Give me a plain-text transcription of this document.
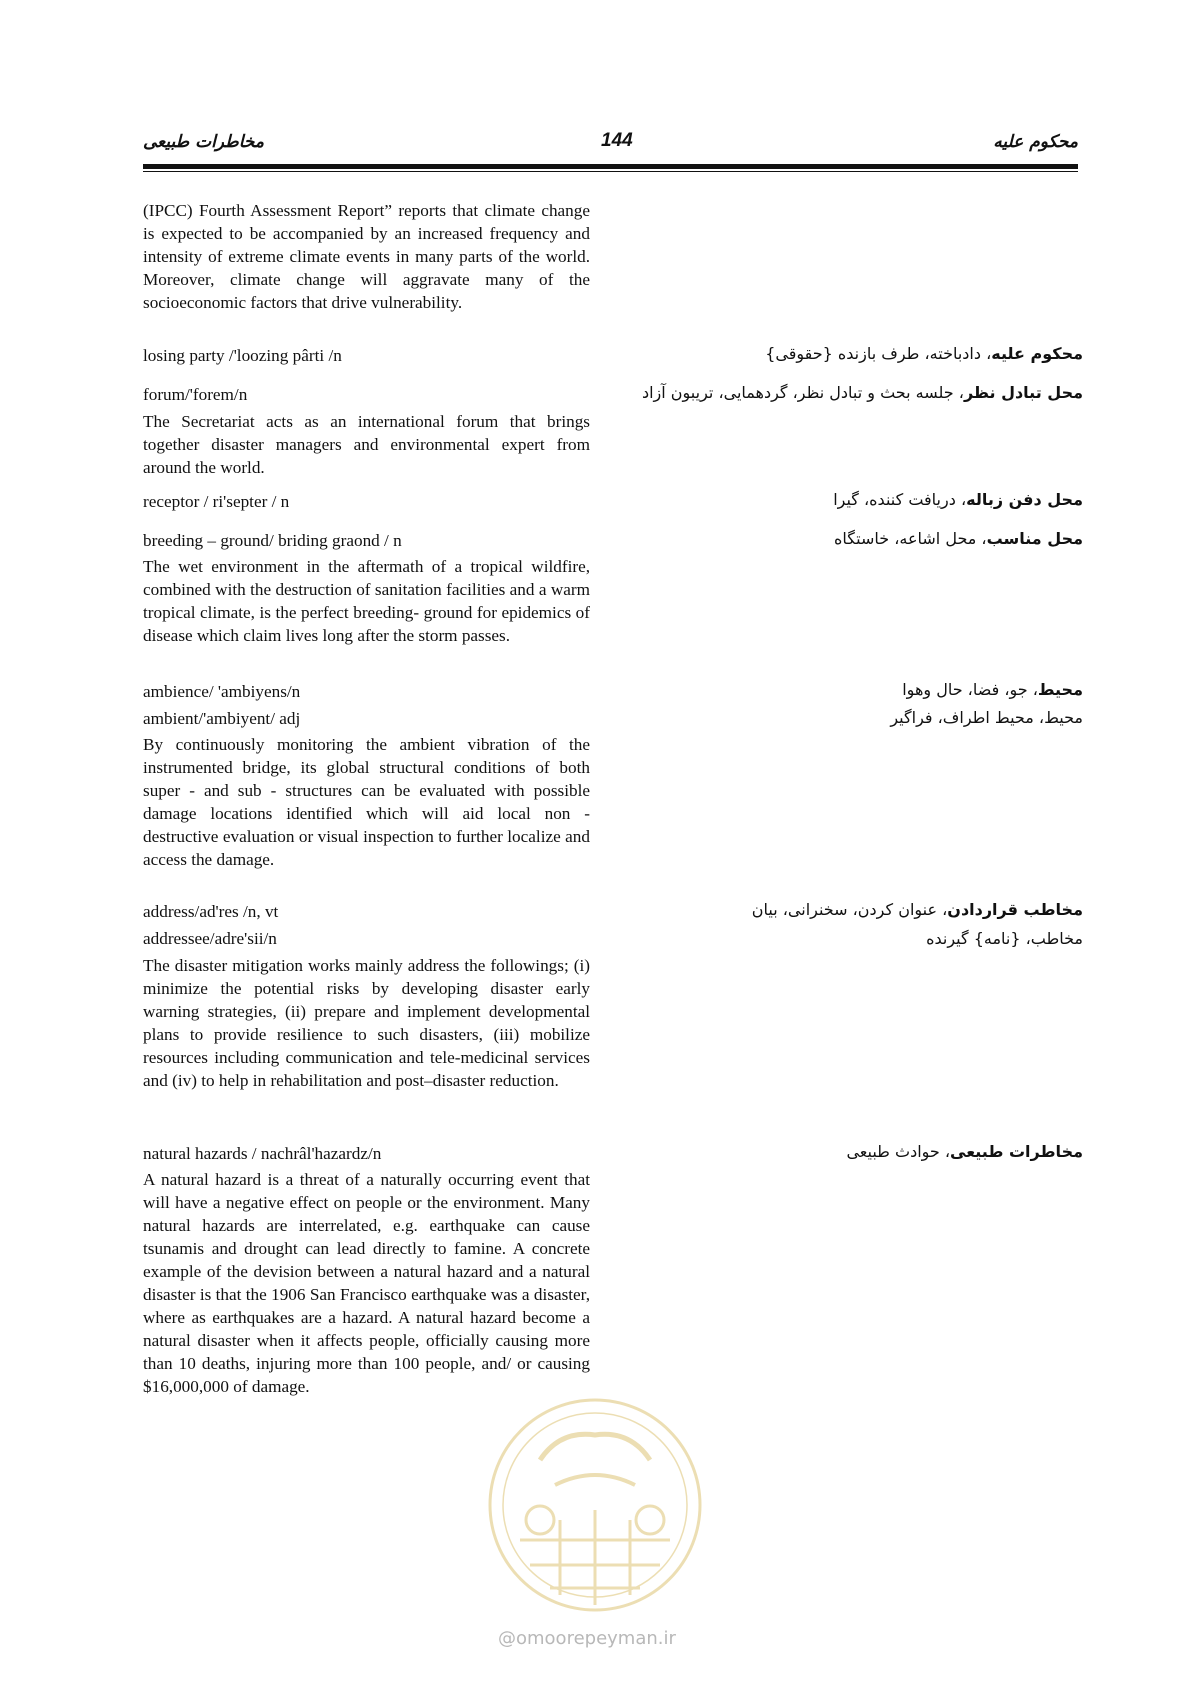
محکوم علیه
144
مخاطرات طبیعی
(IPCC) Fourth Assessment Report” reports that climate change is expected to be accompanied by an increased frequency and intensity of extreme climate events in many parts of the world. Moreover, climate change will aggravate many of the socioeconomic factors that drive vulnerability.
losing party /'loozing pârti /n
forum/'forem/n
The Secretariat acts as an international forum that brings together disaster managers and environmental expert from around the world.
receptor / ri'septer / n
breeding – ground/ briding graond / n
The wet environment in the aftermath of a tropical wildfire, combined with the destruction of sanitation facilities and a warm tropical climate, is the perfect breeding- ground for epidemics of disease which claim lives long after the storm passes.
ambience/ 'ambiyens/n
ambient/'ambiyent/ adj
By continuously monitoring the ambient vibration of the instrumented bridge, its global structural conditions of both super - and sub - structures can be evaluated with possible damage locations identified which will aid local non - destructive evaluation or visual inspection to further localize and access the damage.
address/ad'res /n, vt
addressee/adre'sii/n
The disaster mitigation works mainly address the followings; (i) minimize the potential risks by developing disaster early warning strategies, (ii) prepare and implement developmental plans to provide resilience to such disasters, (iii) mobilize resources including communication and tele-medicinal services and (iv) to help in rehabilitation and post–disaster reduction.
natural hazards / nachrâl'hazardz/n
A natural hazard is a threat of a naturally occurring event that will have a negative effect on people or the environment. Many natural hazards are interrelated, e.g. earthquake can cause tsunamis and drought can lead directly to famine. A concrete example of the devision between a natural hazard and a natural disaster is that the 1906 San Francisco earthquake was a disaster, where as earthquakes are a hazard. A natural hazard become a natural disaster when it affects people, officially causing more than 10 deaths, injuring more than 100 people, and/ or causing $16,000,000 of damage.
محکوم علیه، دادباخته، طرف بازنده {حقوقی}
محل تبادل نظر، جلسه بحث و تبادل نظر، گردهمایی، تریبون آزاد
محل دفن زباله، دریافت کننده، گیرا
محل مناسب، محل اشاعه، خاستگاه
محیط، جو، فضا، حال وهوا
محیط، محیط اطراف، فراگیر
مخاطب قراردادن، عنوان کردن، سخنرانی، بیان
مخاطب، {نامه} گیرنده
مخاطرات طبیعی، حوادث طبیعی
@omoorepeyman.ir
